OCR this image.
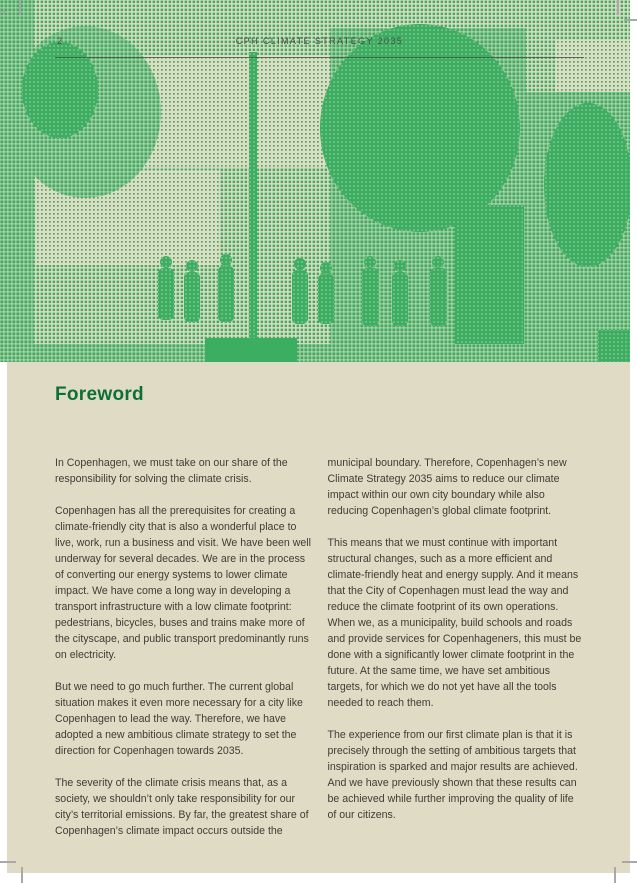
2	CPH CLIMATE STRATEGY 2035
Foreword

In Copenhagen, we must take on our share of the responsibility for solving the climate crisis.

Copenhagen has all the prerequisites for creating a climate-friendly city that is also a wonderful place to live, work, run a business and visit. We have been well underway for several decades. We are in the process of converting our energy systems to lower climate impact. We have come a long way in developing a transport infrastructure with a low climate footprint: pedestrians, bicycles, buses and trains make more of the cityscape, and public transport predominantly runs on electricity.

But we need to go much further. The current global situation makes it even more necessary for a city like Copenhagen to lead the way. Therefore, we have adopted a new ambitious climate strategy to set the direction for Copenhagen towards 2035.

The severity of the climate crisis means that, as a society, we shouldn’t only take responsibility for our city’s territorial emissions. By far, the greatest share of Copenhagen’s climate impact occurs outside the

municipal boundary. Therefore, Copenhagen’s new Climate Strategy 2035 aims to reduce our climate impact within our own city boundary while also reducing Copenhagen’s global climate footprint.

This means that we must continue with important structural changes, such as a more efficient and climate-friendly heat and energy supply. And it means that the City of Copenhagen must lead the way and reduce the climate footprint of its own operations. When we, as a municipality, build schools and roads and provide services for Copenhageners, this must be done with a significantly lower climate footprint in the future. At the same time, we have set ambitious targets, for which we do not yet have all the tools needed to reach them.

The experience from our first climate plan is that it is precisely through the setting of ambitious targets that inspiration is sparked and major results are achieved. And we have previously shown that these results can be achieved while further improving the quality of life of our citizens.
